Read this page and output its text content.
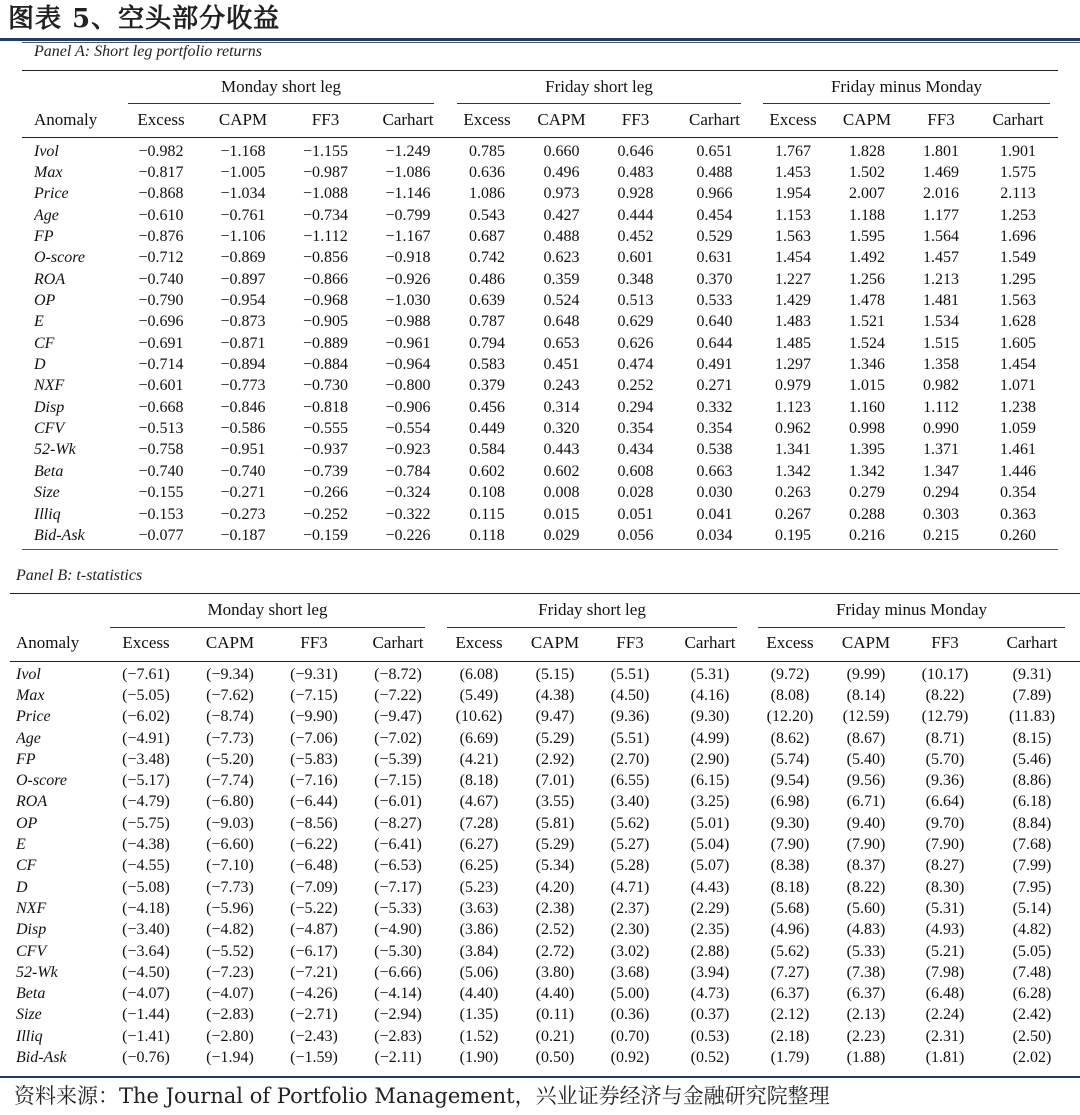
图表 5、空头部分收益
Panel A: Short leg portfolio returns
Monday short leg	Friday short leg	Friday minus Monday
Anomaly	Excess	CAPM	FF3	Carhart	Excess	CAPM	FF3	Carhart	Excess	CAPM	FF3	Carhart

Ivol	−0.982	−1.168	−1.155	−1.249	0.785	0.660	0.646	0.651	1.767	1.828	1.801	1.901
Max	−0.817	−1.005	−0.987	−1.086	0.636	0.496	0.483	0.488	1.453	1.502	1.469	1.575
Price	−0.868	−1.034	−1.088	−1.146	1.086	0.973	0.928	0.966	1.954	2.007	2.016	2.113
Age	−0.610	−0.761	−0.734	−0.799	0.543	0.427	0.444	0.454	1.153	1.188	1.177	1.253
FP	−0.876	−1.106	−1.112	−1.167	0.687	0.488	0.452	0.529	1.563	1.595	1.564	1.696
O-score	−0.712	−0.869	−0.856	−0.918	0.742	0.623	0.601	0.631	1.454	1.492	1.457	1.549
ROA	−0.740	−0.897	−0.866	−0.926	0.486	0.359	0.348	0.370	1.227	1.256	1.213	1.295
OP	−0.790	−0.954	−0.968	−1.030	0.639	0.524	0.513	0.533	1.429	1.478	1.481	1.563
E	−0.696	−0.873	−0.905	−0.988	0.787	0.648	0.629	0.640	1.483	1.521	1.534	1.628
CF	−0.691	−0.871	−0.889	−0.961	0.794	0.653	0.626	0.644	1.485	1.524	1.515	1.605
D	−0.714	−0.894	−0.884	−0.964	0.583	0.451	0.474	0.491	1.297	1.346	1.358	1.454
NXF	−0.601	−0.773	−0.730	−0.800	0.379	0.243	0.252	0.271	0.979	1.015	0.982	1.071
Disp	−0.668	−0.846	−0.818	−0.906	0.456	0.314	0.294	0.332	1.123	1.160	1.112	1.238
CFV	−0.513	−0.586	−0.555	−0.554	0.449	0.320	0.354	0.354	0.962	0.998	0.990	1.059
52-Wk	−0.758	−0.951	−0.937	−0.923	0.584	0.443	0.434	0.538	1.341	1.395	1.371	1.461
Beta	−0.740	−0.740	−0.739	−0.784	0.602	0.602	0.608	0.663	1.342	1.342	1.347	1.446
Size	−0.155	−0.271	−0.266	−0.324	0.108	0.008	0.028	0.030	0.263	0.279	0.294	0.354
Illiq	−0.153	−0.273	−0.252	−0.322	0.115	0.015	0.051	0.041	0.267	0.288	0.303	0.363
Bid-Ask	−0.077	−0.187	−0.159	−0.226	0.118	0.029	0.056	0.034	0.195	0.216	0.215	0.260
Panel B: t-statistics
Monday short leg	Friday short leg	Friday minus Monday
Anomaly	Excess	CAPM	FF3	Carhart	Excess	CAPM	FF3	Carhart	Excess	CAPM	FF3	Carhart

Ivol	(−7.61)	(−9.34)	(−9.31)	(−8.72)	(6.08)	(5.15)	(5.51)	(5.31)	(9.72)	(9.99)	(10.17)	(9.31)
Max	(−5.05)	(−7.62)	(−7.15)	(−7.22)	(5.49)	(4.38)	(4.50)	(4.16)	(8.08)	(8.14)	(8.22)	(7.89)
Price	(−6.02)	(−8.74)	(−9.90)	(−9.47)	(10.62)	(9.47)	(9.36)	(9.30)	(12.20)	(12.59)	(12.79)	(11.83)
Age	(−4.91)	(−7.73)	(−7.06)	(−7.02)	(6.69)	(5.29)	(5.51)	(4.99)	(8.62)	(8.67)	(8.71)	(8.15)
FP	(−3.48)	(−5.20)	(−5.83)	(−5.39)	(4.21)	(2.92)	(2.70)	(2.90)	(5.74)	(5.40)	(5.70)	(5.46)
O-score	(−5.17)	(−7.74)	(−7.16)	(−7.15)	(8.18)	(7.01)	(6.55)	(6.15)	(9.54)	(9.56)	(9.36)	(8.86)
ROA	(−4.79)	(−6.80)	(−6.44)	(−6.01)	(4.67)	(3.55)	(3.40)	(3.25)	(6.98)	(6.71)	(6.64)	(6.18)
OP	(−5.75)	(−9.03)	(−8.56)	(−8.27)	(7.28)	(5.81)	(5.62)	(5.01)	(9.30)	(9.40)	(9.70)	(8.84)
E	(−4.38)	(−6.60)	(−6.22)	(−6.41)	(6.27)	(5.29)	(5.27)	(5.04)	(7.90)	(7.90)	(7.90)	(7.68)
CF	(−4.55)	(−7.10)	(−6.48)	(−6.53)	(6.25)	(5.34)	(5.28)	(5.07)	(8.38)	(8.37)	(8.27)	(7.99)
D	(−5.08)	(−7.73)	(−7.09)	(−7.17)	(5.23)	(4.20)	(4.71)	(4.43)	(8.18)	(8.22)	(8.30)	(7.95)
NXF	(−4.18)	(−5.96)	(−5.22)	(−5.33)	(3.63)	(2.38)	(2.37)	(2.29)	(5.68)	(5.60)	(5.31)	(5.14)
Disp	(−3.40)	(−4.82)	(−4.87)	(−4.90)	(3.86)	(2.52)	(2.30)	(2.35)	(4.96)	(4.83)	(4.93)	(4.82)
CFV	(−3.64)	(−5.52)	(−6.17)	(−5.30)	(3.84)	(2.72)	(3.02)	(2.88)	(5.62)	(5.33)	(5.21)	(5.05)
52-Wk	(−4.50)	(−7.23)	(−7.21)	(−6.66)	(5.06)	(3.80)	(3.68)	(3.94)	(7.27)	(7.38)	(7.98)	(7.48)
Beta	(−4.07)	(−4.07)	(−4.26)	(−4.14)	(4.40)	(4.40)	(5.00)	(4.73)	(6.37)	(6.37)	(6.48)	(6.28)
Size	(−1.44)	(−2.83)	(−2.71)	(−2.94)	(1.35)	(0.11)	(0.36)	(0.37)	(2.12)	(2.13)	(2.24)	(2.42)
Illiq	(−1.41)	(−2.80)	(−2.43)	(−2.83)	(1.52)	(0.21)	(0.70)	(0.53)	(2.18)	(2.23)	(2.31)	(2.50)
Bid-Ask	(−0.76)	(−1.94)	(−1.59)	(−2.11)	(1.90)	(0.50)	(0.92)	(0.52)	(1.79)	(1.88)	(1.81)	(2.02)
资料来源：The Journal of Portfolio Management，兴业证券经济与金融研究院整理
